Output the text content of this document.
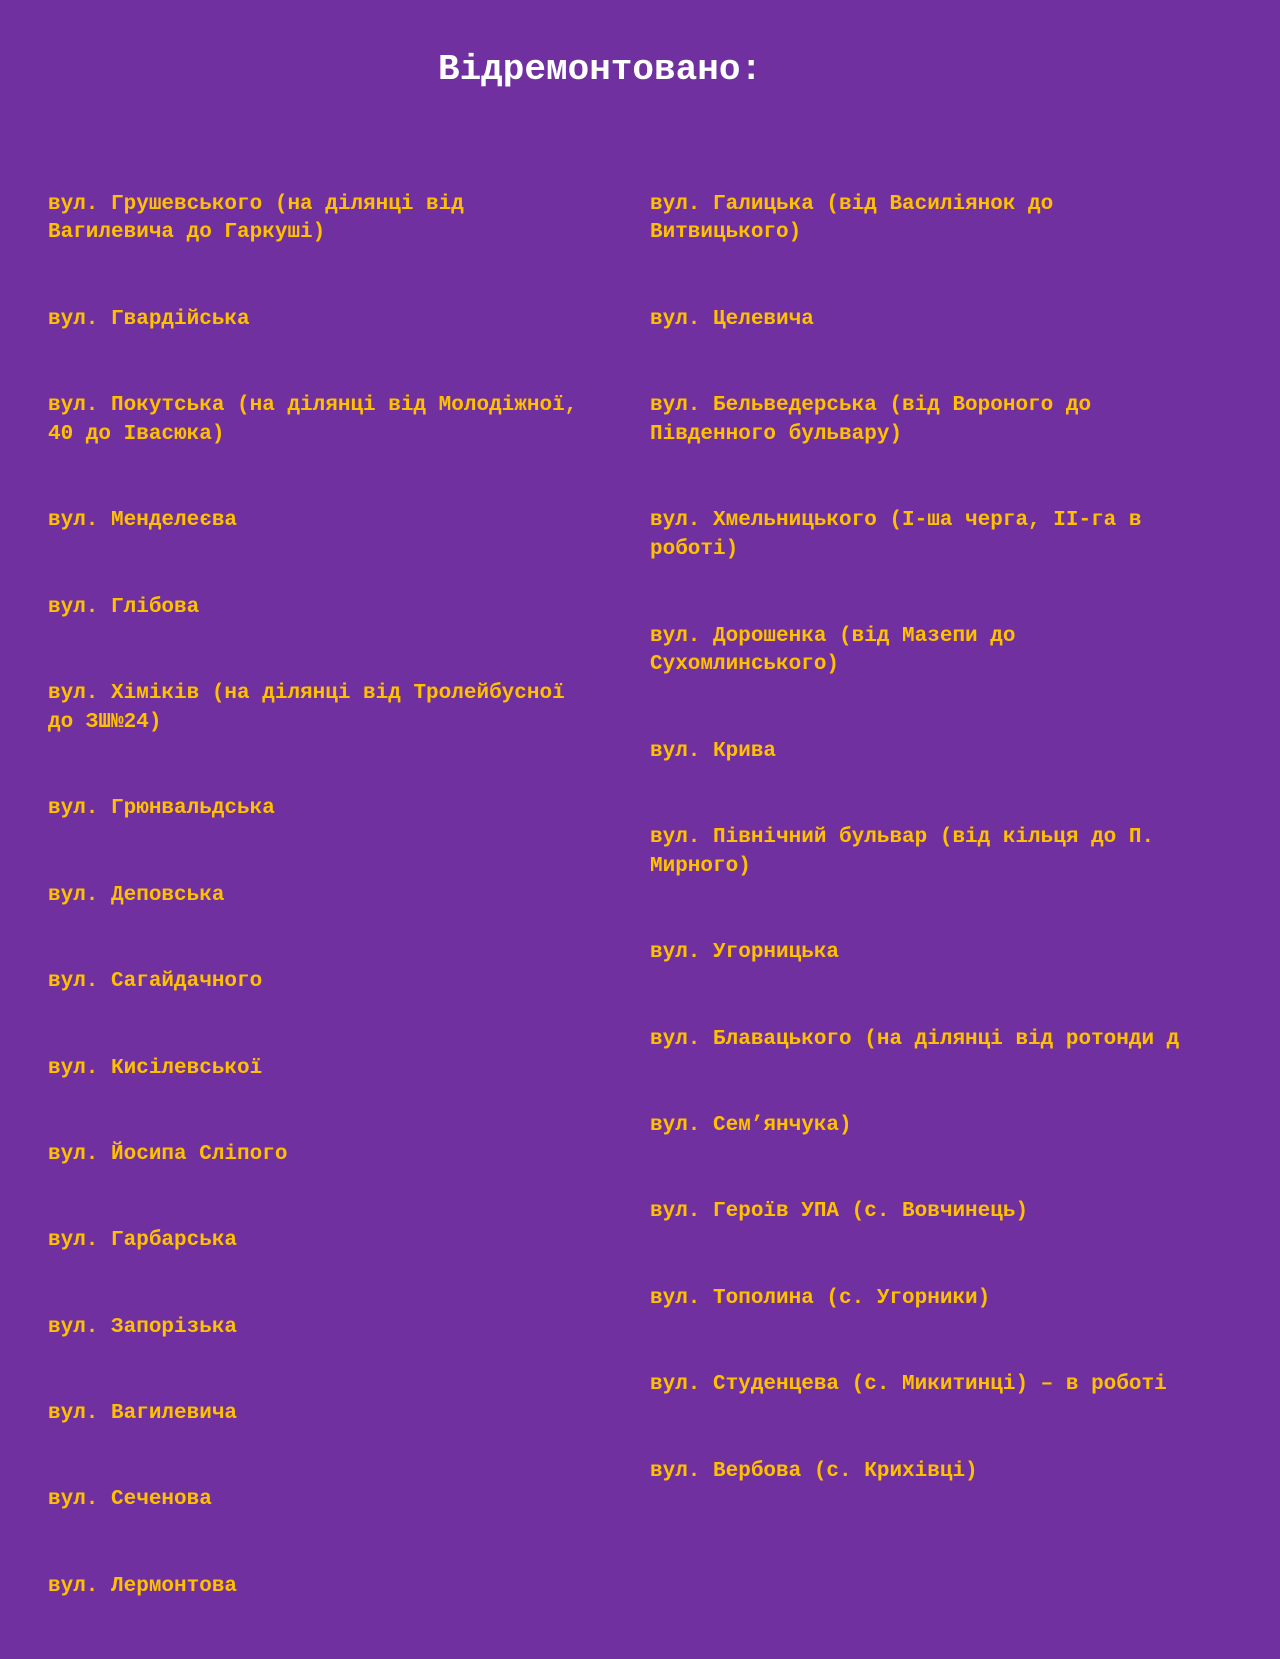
Відремонтовано:

вул. Грушевського (на ділянці від
Вагилевича до Гаркуші)

вул. Гвардійська

вул. Покутська (на ділянці від Молодіжної,
40 до Івасюка)

вул. Менделеєва

вул. Глібова

вул. Хіміків (на ділянці від Тролейбусної
до ЗШ№24)

вул. Грюнвальдська

вул. Деповська

вул. Сагайдачного

вул. Кисілевської

вул. Йосипа Сліпого

вул. Гарбарська

вул. Запорізька

вул. Вагилевича

вул. Сеченова

вул. Лермонтова

вул. Галицька (від Василіянок до
Витвицького)

вул. Целевича

вул. Бельведерська (від Вороного до
Південного бульвару)

вул. Хмельницького (І-ша черга, ІІ-га в
роботі)

вул. Дорошенка (від Мазепи до
Сухомлинського)

вул. Крива

вул. Північний бульвар (від кільця до П.
Мирного)

вул. Угорницька

вул. Блавацького (на ділянці від ротонди д

вул. Сем’янчука)

вул. Героїв УПА (с. Вовчинець)

вул. Тополина (с. Угорники)

вул. Студенцева (с. Микитинці) – в роботі

вул. Вербова (с. Крихівці)
